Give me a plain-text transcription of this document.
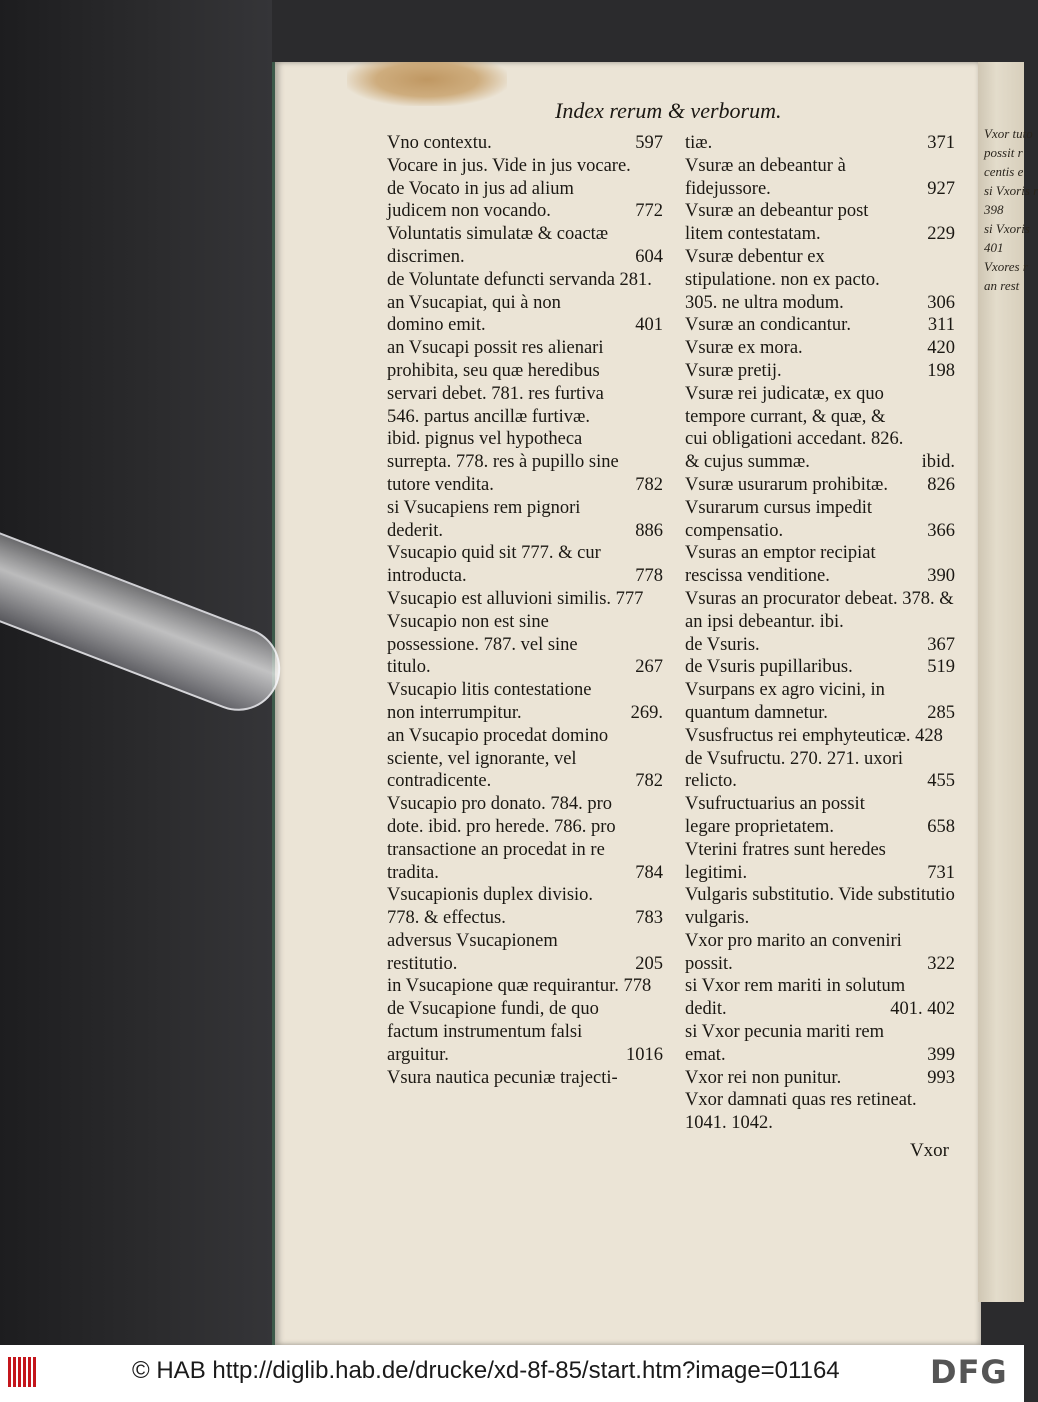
Index rerum & verborum.
Vno contextu.	597
Vocare in jus. Vide in jus vocare.
de Vocato in jus ad alium judicem non vocando.	772
Voluntatis simulatæ & coactæ discrimen.	604
de Voluntate defuncti servanda 281.
an Vsucapiat, qui à non domino emit.	401
an Vsucapi possit res alienari prohibita, seu quæ heredibus servari debet. 781. res furtiva 546. partus ancillæ furtivæ. ibid. pignus vel hypotheca surrepta. 778. res à pupillo sine tutore vendita.	782
si Vsucapiens rem pignori dederit.	886
Vsucapio quid sit 777. & cur introducta.	778
Vsucapio est alluvioni similis. 777
Vsucapio non est sine possessione. 787. vel sine titulo.	267
Vsucapio litis contestatione non interrumpitur.	269.
an Vsucapio procedat domino sciente, vel ignorante, vel contradicente.	782
Vsucapio pro donato. 784. pro dote. ibid. pro herede. 786. pro transactione an procedat in re tradita.	784
Vsucapionis duplex divisio. 778. & effectus.	783
adversus Vsucapionem restitutio.	205
in Vsucapione quæ requirantur. 778
de Vsucapione fundi, de quo factum instrumentum falsi arguitur.	1016
Vsura nautica pecuniæ trajecti-
tiæ.	371
Vsuræ an debeantur à fidejussore.	927
Vsuræ an debeantur post litem contestatam.	229
Vsuræ debentur ex stipulatione. non ex pacto. 305. ne ultra modum.	306
Vsuræ an condicantur.	311
Vsuræ ex mora.	420
Vsuræ pretij.	198
Vsuræ rei judicatæ, ex quo tempore currant, & quæ, & cui obligationi accedant. 826. & cujus summæ.	ibid.
Vsuræ usurarum prohibitæ.	826
Vsurarum cursus impedit compensatio.	366
Vsuras an emptor recipiat rescissa venditione.	390
Vsuras an procurator debeat. 378. & an ipsi debeantur. ibi.
de Vsuris.	367
de Vsuris pupillaribus.	519
Vsurpans ex agro vicini, in quantum damnetur.	285
Vsusfructus rei emphyteuticæ. 428
de Vsufructu. 270. 271. uxori relicto.	455
Vsufructuarius an possit legare proprietatem.	658
Vterini fratres sunt heredes legitimi.	731
Vulgaris substitutio. Vide substitutio vulgaris.
Vxor pro marito an conveniri possit.	322
si Vxor rem mariti in solutum dedit.	401. 402
si Vxor pecunia mariti rem emat.	399
Vxor rei non punitur.	993
Vxor damnati quas res retineat. 1041. 1042.
Vxor
Vxor tuto
possit r
centis e
si Vxoris r
398
si Vxoris
401
Vxores r
an rest
© HAB http://diglib.hab.de/drucke/xd-8f-85/start.htm?image=01164	DFG
